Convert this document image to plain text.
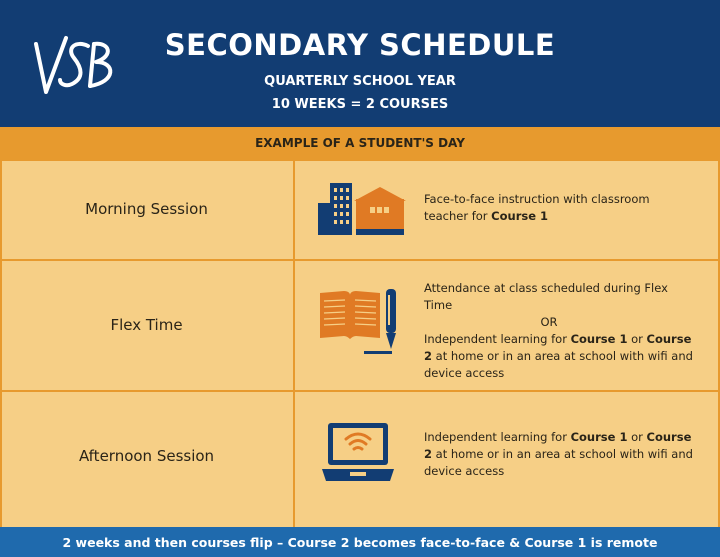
SECONDARY SCHEDULE
QUARTERLY SCHOOL YEAR
10 WEEKS = 2 COURSES
EXAMPLE OF A STUDENT'S DAY
Morning Session
Face-to-face instruction with classroom teacher for Course 1
Flex Time
Attendance at class scheduled during Flex Time
OR
Independent learning for Course 1 or Course 2 at home or in an area at school with wifi and device access
Afternoon Session
Independent learning for Course 1 or Course 2 at home or in an area at school with wifi and device access
2 weeks and then courses flip – Course 2 becomes face-to-face & Course 1 is remote
